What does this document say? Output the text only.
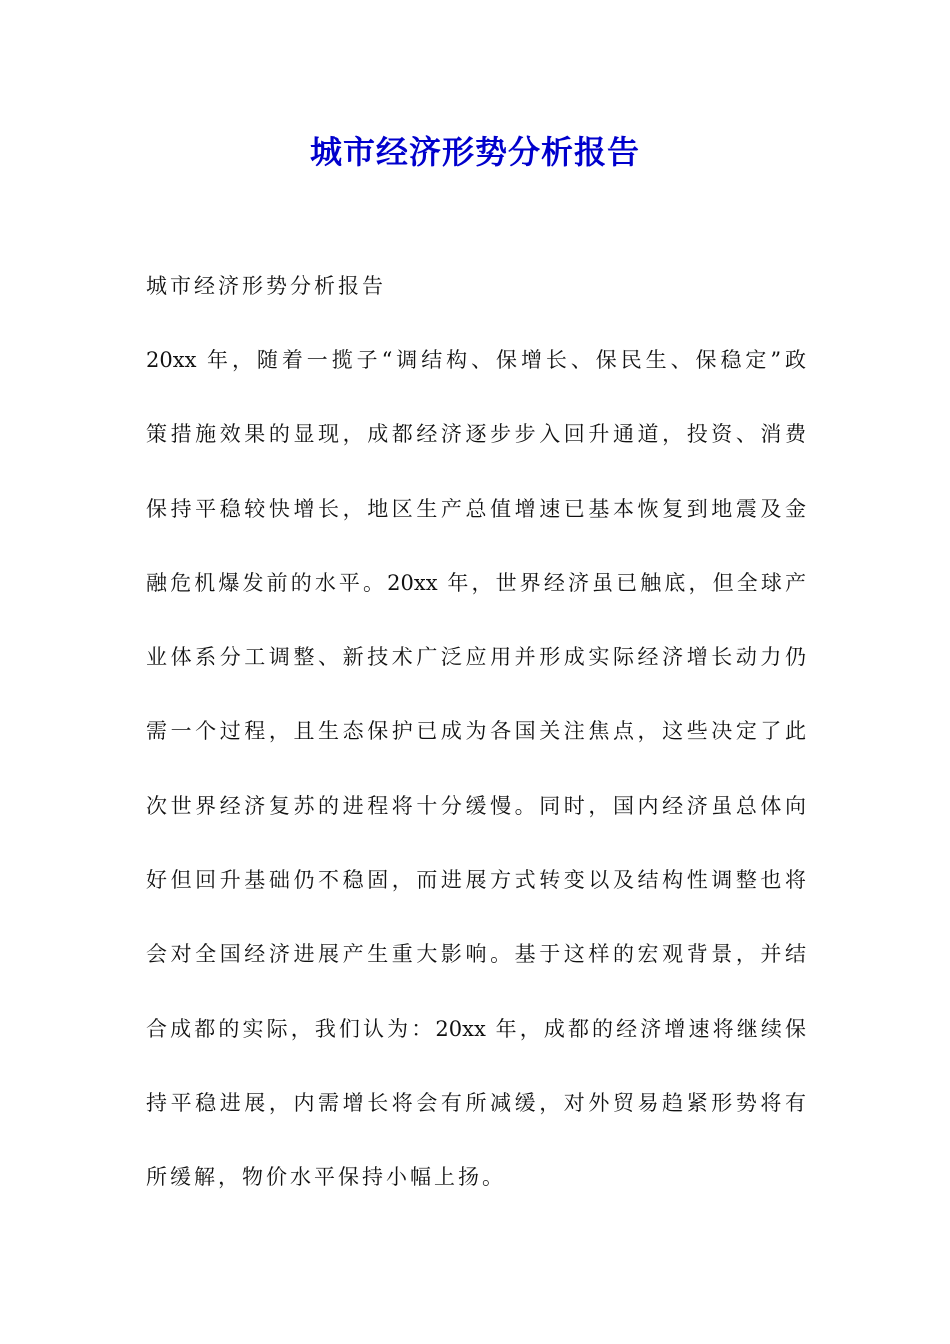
城市经济形势分析报告

城市经济形势分析报告

20xx 年，随着一揽子“调结构、保增长、保民生、保稳定”政

策措施效果的显现，成都经济逐步步入回升通道，投资、消费

保持平稳较快增长，地区生产总值增速已基本恢复到地震及金

融危机爆发前的水平。20xx 年，世界经济虽已触底，但全球产

业体系分工调整、新技术广泛应用并形成实际经济增长动力仍

需一个过程，且生态保护已成为各国关注焦点，这些决定了此

次世界经济复苏的进程将十分缓慢。同时，国内经济虽总体向

好但回升基础仍不稳固，而进展方式转变以及结构性调整也将

会对全国经济进展产生重大影响。基于这样的宏观背景，并结

合成都的实际，我们认为：20xx 年，成都的经济增速将继续保

持平稳进展，内需增长将会有所减缓，对外贸易趋紧形势将有

所缓解，物价水平保持小幅上扬。
